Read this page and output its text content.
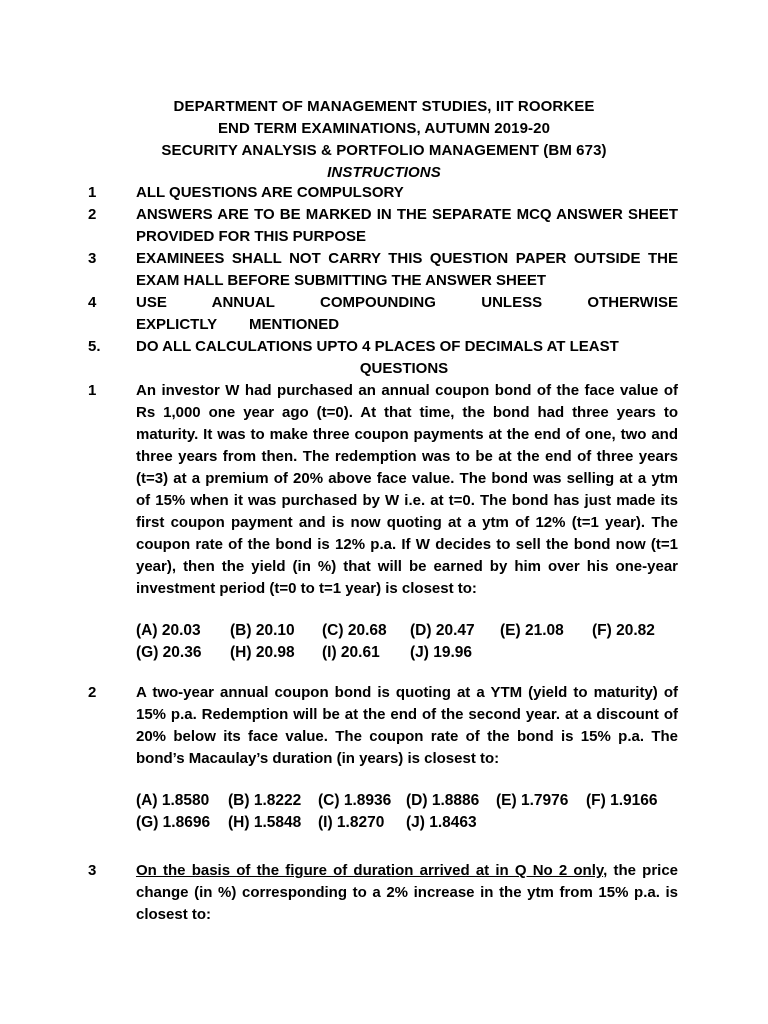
DEPARTMENT OF MANAGEMENT STUDIES, IIT ROORKEE
END TERM EXAMINATIONS, AUTUMN 2019-20
SECURITY ANALYSIS & PORTFOLIO MANAGEMENT (BM 673)
INSTRUCTIONS
1	ALL QUESTIONS ARE COMPULSORY
2	ANSWERS ARE TO BE MARKED IN THE SEPARATE MCQ ANSWER SHEET PROVIDED FOR THIS PURPOSE
3	EXAMINEES SHALL NOT CARRY THIS QUESTION PAPER OUTSIDE THE EXAM HALL BEFORE SUBMITTING THE ANSWER SHEET
4	USE ANNUAL COMPOUNDING UNLESS OTHERWISE EXPLICTLY MENTIONED
5.	DO ALL CALCULATIONS UPTO 4 PLACES OF DECIMALS AT LEAST
QUESTIONS
1	An investor W had purchased an annual coupon bond of the face value of Rs 1,000 one year ago (t=0). At that time, the bond had three years to maturity. It was to make three coupon payments at the end of one, two and three years from then. The redemption was to be at the end of three years (t=3) at a premium of 20% above face value. The bond was selling at a ytm of 15% when it was purchased by W i.e. at t=0. The bond has just made its first coupon payment and is now quoting at a ytm of 12% (t=1 year). The coupon rate of the bond is 12% p.a. If W decides to sell the bond now (t=1 year), then the yield (in %) that will be earned by him over his one-year investment period (t=0 to t=1 year) is closest to:
(A) 20.03	(B) 20.10	(C) 20.68	(D) 20.47	(E) 21.08	(F) 20.82
(G) 20.36	(H) 20.98	(I) 20.61	(J) 19.96
2	A two-year annual coupon bond is quoting at a YTM (yield to maturity) of 15% p.a. Redemption will be at the end of the second year. at a discount of 20% below its face value. The coupon rate of the bond is 15% p.a. The bond’s Macaulay’s duration (in years) is closest to:
(A) 1.8580	(B) 1.8222	(C) 1.8936 (D) 1.8886	(E) 1.7976	(F) 1.9166
(G) 1.8696	(H) 1.5848	(I) 1.8270	(J) 1.8463
3	On the basis of the figure of duration arrived at in Q No 2 only, the price change (in %) corresponding to a 2% increase in the ytm from 15% p.a. is closest to:
